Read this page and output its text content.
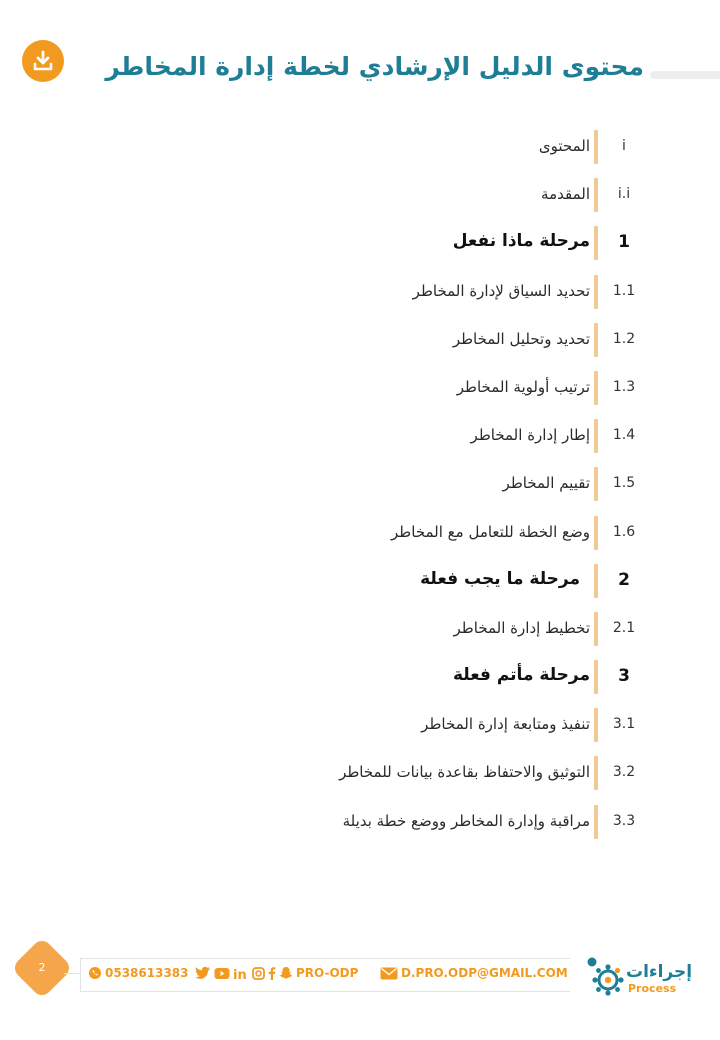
محتوى الدليل الإرشادي لخطة إدارة المخاطر
المحتوى	i
المقدمة	i.i
مرحلة ماذا نفعل	1
تحديد السياق لإدارة المخاطر	1.1
تحديد وتحليل المخاطر	1.2
ترتيب أولوية المخاطر	1.3
إطار إدارة المخاطر	1.4
تقييم المخاطر	1.5
وضع الخطة للتعامل مع المخاطر	1.6
مرحلة ما يجب فعلة	2
تخطيط إدارة المخاطر	2.1
مرحلة مأتم فعلة	3
تنفيذ ومتابعة إدارة المخاطر	3.1
التوثيق والاحتفاظ بقاعدة بيانات للمخاطر	3.2
مراقبة وإدارة المخاطر ووضع خطة بديلة	3.3
2	0538613383	in	PRO-ODP	D.PRO.ODP@GMAIL.COM	إجراءات
Process
